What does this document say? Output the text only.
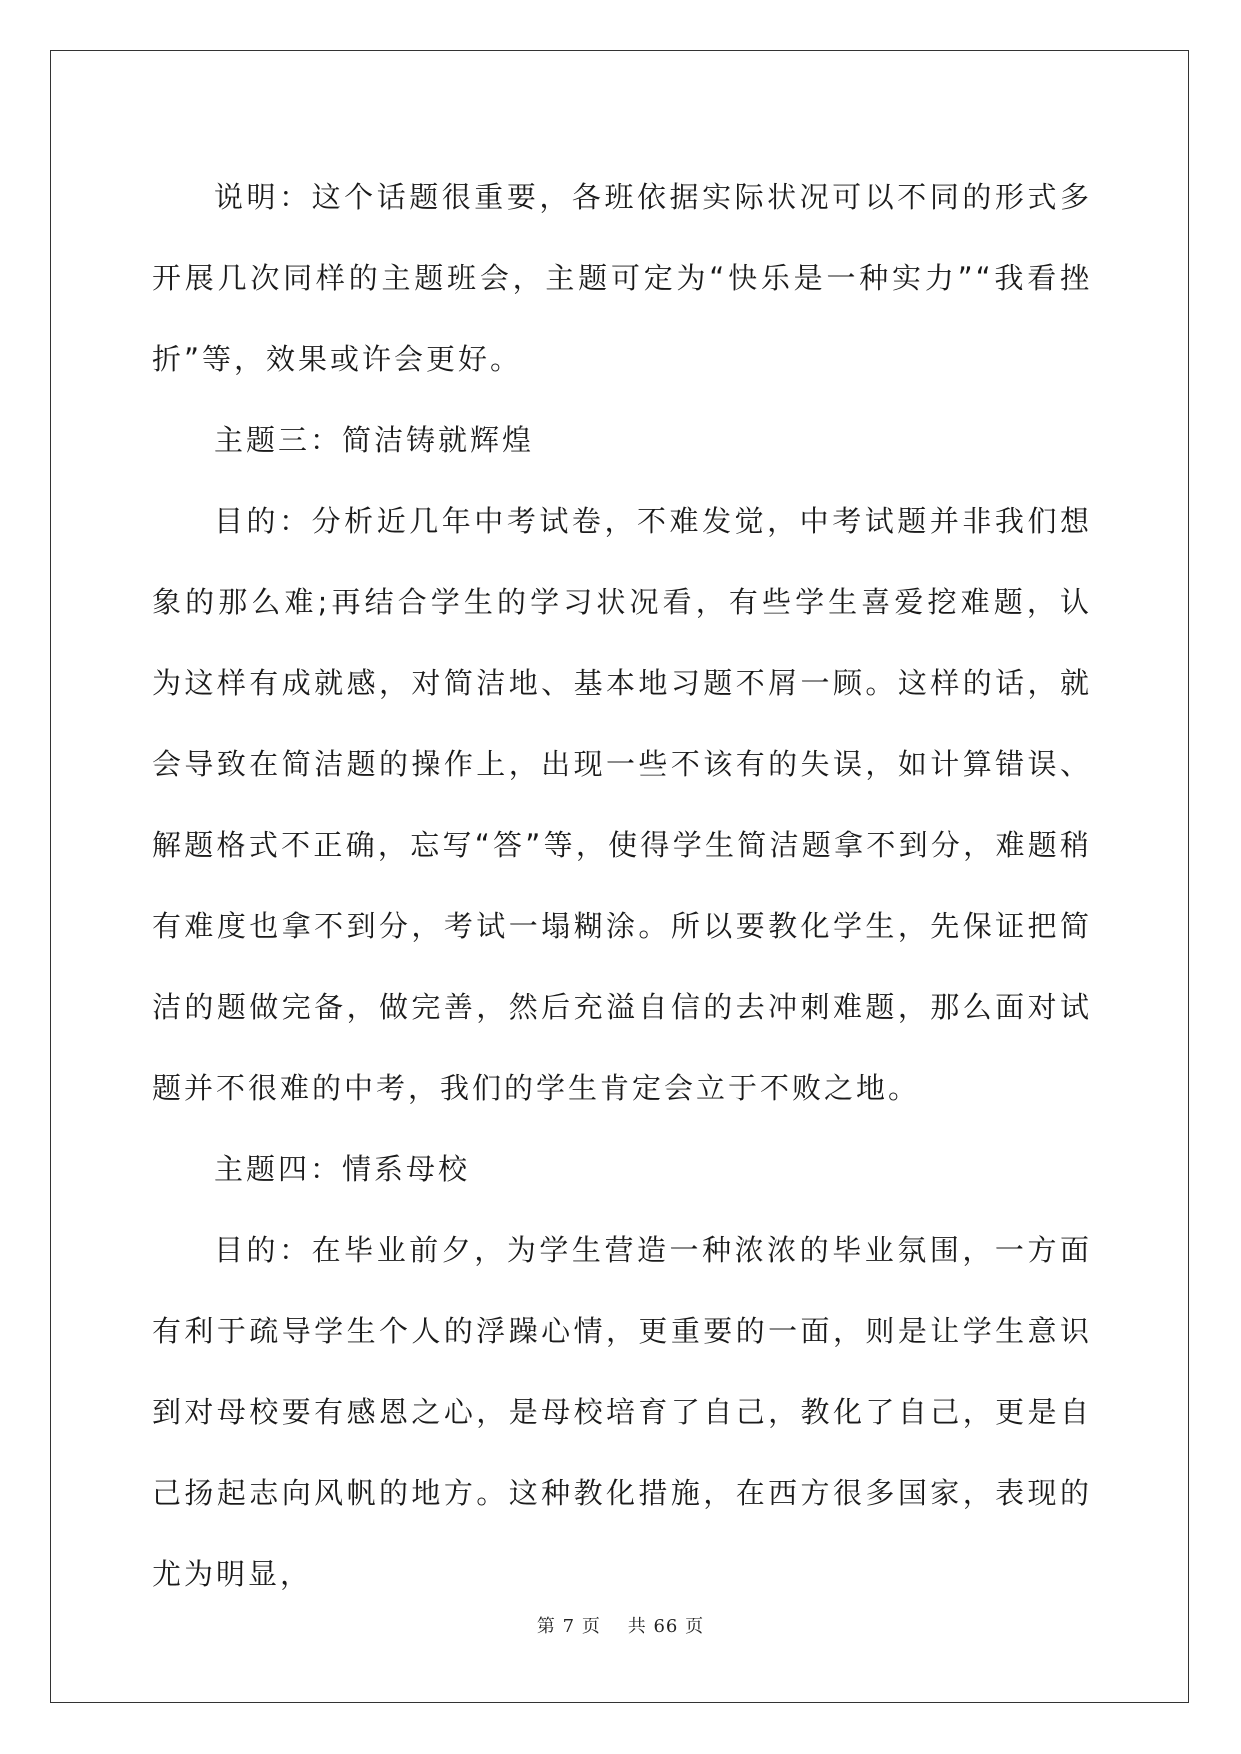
说明：这个话题很重要，各班依据实际状况可以不同的形式多开展几次同样的主题班会，主题可定为“快乐是一种实力”“我看挫折”等，效果或许会更好。

主题三：简洁铸就辉煌

目的：分析近几年中考试卷，不难发觉，中考试题并非我们想象的那么难;再结合学生的学习状况看，有些学生喜爱挖难题，认为这样有成就感，对简洁地、基本地习题不屑一顾。这样的话，就会导致在简洁题的操作上，出现一些不该有的失误，如计算错误、解题格式不正确，忘写“答”等，使得学生简洁题拿不到分，难题稍有难度也拿不到分，考试一塌糊涂。所以要教化学生，先保证把简洁的题做完备，做完善，然后充溢自信的去冲刺难题，那么面对试题并不很难的中考，我们的学生肯定会立于不败之地。

主题四：情系母校

目的：在毕业前夕，为学生营造一种浓浓的毕业氛围，一方面有利于疏导学生个人的浮躁心情，更重要的一面，则是让学生意识到对母校要有感恩之心，是母校培育了自己，教化了自己，更是自己扬起志向风帆的地方。这种教化措施，在西方很多国家，表现的尤为明显，

第 7 页 共 66 页
